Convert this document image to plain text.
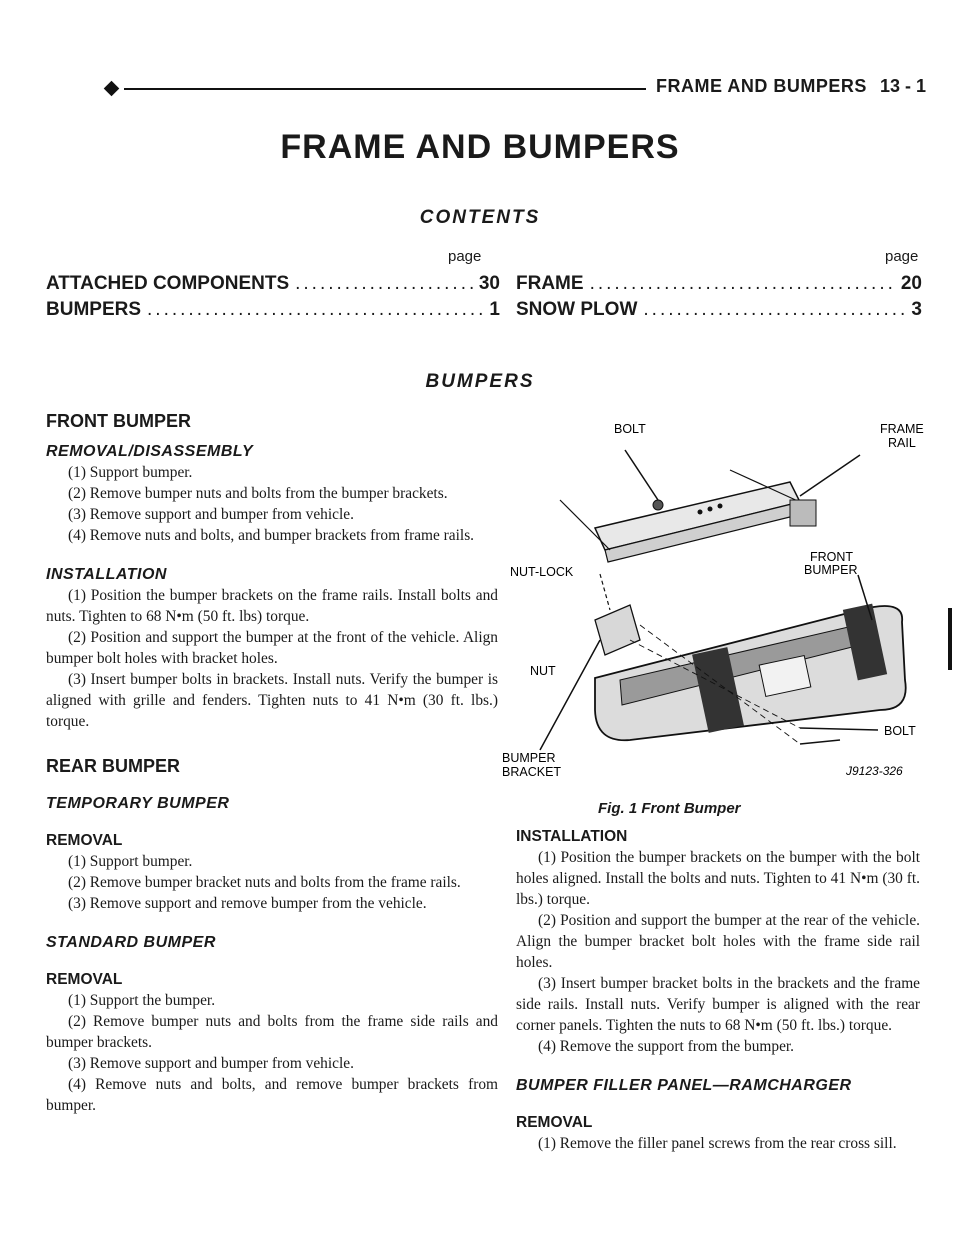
FRAME AND BUMPERS 13 - 1
FRAME AND BUMPERS
CONTENTS
page	page
ATTACHED COMPONENTS .....	30
BUMPERS .....	1
FRAME .....	20
SNOW PLOW .....	3
BUMPERS
FRONT BUMPER
REMOVAL/DISASSEMBLY

(1) Support bumper.

(2) Remove bumper nuts and bolts from the bumper brackets.

(3) Remove support and bumper from vehicle.

(4) Remove nuts and bolts, and bumper brackets from frame rails.

INSTALLATION

(1) Position the bumper brackets on the frame rails. Install bolts and nuts. Tighten to 68 N•m (50 ft. lbs) torque.

(2) Position and support the bumper at the front of the vehicle. Align bumper bolt holes with bracket holes.

(3) Insert bumper bolts in brackets. Install nuts. Verify the bumper is aligned with grille and fenders. Tighten nuts to 41 N•m (30 ft. lbs.) torque.

REAR BUMPER
TEMPORARY BUMPER
REMOVAL

(1) Support bumper.

(2) Remove bumper bracket nuts and bolts from the frame rails.

(3) Remove support and remove bumper from the vehicle.

STANDARD BUMPER
REMOVAL

(1) Support the bumper.

(2) Remove bumper nuts and bolts from the frame side rails and bumper brackets.

(3) Remove support and bumper from vehicle.

(4) Remove nuts and bolts, and remove bumper brackets from bumper.

BOLT	FRAME
RAIL
NUT-LOCK
FRONT
BUMPER
NUT
BOLT
BUMPER
BRACKET	J9123-326
Fig. 1 Front Bumper
INSTALLATION

(1) Position the bumper brackets on the bumper with the bolt holes aligned. Install the bolts and nuts. Tighten to 41 N•m (30 ft. lbs.) torque.

(2) Position and support the bumper at the rear of the vehicle. Align the bumper bracket bolt holes with the frame side rail holes.

(3) Insert bumper bracket bolts in the brackets and the frame side rails. Install nuts. Verify bumper is aligned with the rear corner panels. Tighten the nuts to 68 N•m (50 ft. lbs.) torque.

(4) Remove the support from the bumper.

BUMPER FILLER PANEL—RAMCHARGER
REMOVAL

(1) Remove the filler panel screws from the rear cross sill.
